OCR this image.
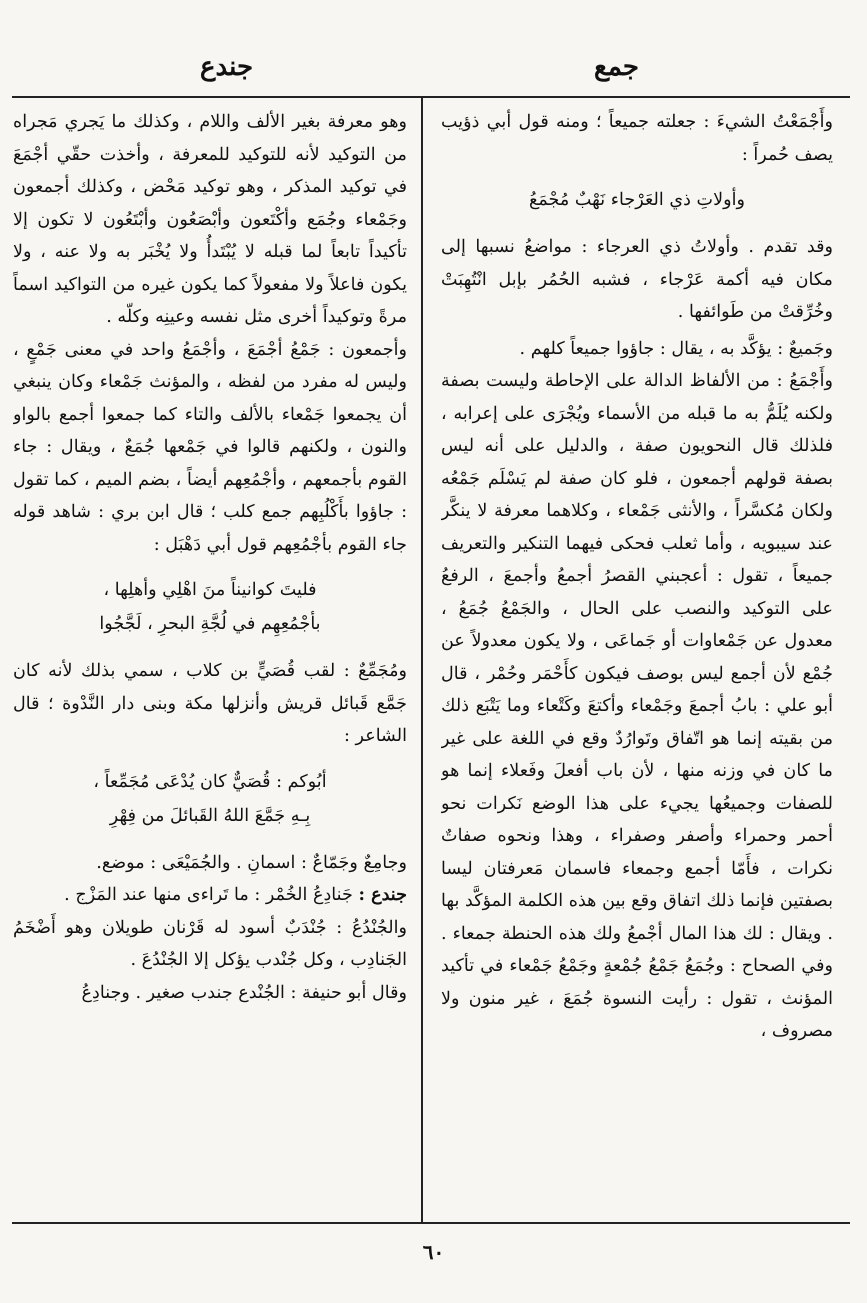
جمع
جندع

وأَجْمَعْتُ الشيءَ : جعلته جميعاً ؛ ومنه قول أبي ذؤيب يصف حُمراً :

وأولاتِ ذي العَرْجاء نَهْبٌ مُجْمَعُ

وقد تقدم . وأولاتُ ذي العرجاء : مواضعُ نسبها إلى مكان فيه أكمة عَرْجاء ، فشبه الحُمُر بإبل انْتُهِبَتْ وخُرِّقتْ من طَوائفها .

وجَميعٌ : يؤكَّد به ، يقال : جاؤوا جميعاً كلهم .

وأَجْمَعُ : من الألفاظ الدالة على الإحاطة وليست بصفة ولكنه يُلَمُّ به ما قبله من الأسماء ويُجْرَى على إعرابه ، فلذلك قال النحويون صفة ، والدليل على أنه ليس بصفة قولهم أجمعون ، فلو كان صفة لم يَسْلَم جَمْعُه ولكان مُكسَّراً ، والأنثى جَمْعاء ، وكلاهما معرفة لا ينكَّر عند سيبويه ، وأما ثعلب فحكى فيهما التنكير والتعريف جميعاً ، تقول : أعجبني القصرُ أجمعُ وأجمعَ ، الرفعُ على التوكيد والنصب على الحال ، والجَمْعُ جُمَعُ ، معدول عن جَمْعاوات أو جَماعَى ، ولا يكون معدولاً عن جُمْع لأن أجمع ليس بوصف فيكون كأَحْمَر وحُمْر ، قال أبو علي : بابُ أجمعَ وجَمْعاء وأكتعَ وكَتْعاء وما يَتْبَع ذلك من بقيته إنما هو اتّفاق وتَوارُدٌ وقع في اللغة على غير ما كان في وزنه منها ، لأن باب أفعلَ وفَعلاء إنما هو للصفات وجميعُها يجيء على هذا الوضع نَكرات نحو أحمر وحمراء وأصفر وصفراء ، وهذا ونحوه صفاتٌ نكرات ، فأَمّا أجمع وجمعاء فاسمان مَعرفتان ليسا بصفتين فإنما ذلك اتفاق وقع بين هذه الكلمة المؤكَّد بها . ويقال : لك هذا المال أجْمعُ ولك هذه الحنطة جمعاء . وفي الصحاح : وجُمَعُ جَمْعُ جُمْعةٍ وجَمْعُ جَمْعاء في تأكيد المؤنث ، تقول : رأيت النسوة جُمَعَ ، غير منون ولا مصروف ،

وهو معرفة بغير الألف واللام ، وكذلك ما يَجري مَجراه من التوكيد لأنه للتوكيد للمعرفة ، وأخذت حقّي أجْمَعَ في توكيد المذكر ، وهو توكيد مَحْض ، وكذلك أجمعون وجَمْعاء وجُمَع وأكْتَعون وأبْصَعُون وأبْتَعُون لا تكون إلا تأكيداً تابعاً لما قبله لا يُبْتَدأُ ولا يُخْبَر به ولا عنه ، ولا يكون فاعلاً ولا مفعولاً كما يكون غيره من التواكيد اسماً مرةً وتوكيداً أخرى مثل نفسه وعينِه وكلّه .

وأجمعون : جَمْعُ أجْمَعَ ، وأجْمَعُ واحد في معنى جَمْعٍ ، وليس له مفرد من لفظه ، والمؤنث جَمْعاء وكان ينبغي أن يجمعوا جَمْعاء بالألف والتاء كما جمعوا أجمع بالواو والنون ، ولكنهم قالوا في جَمْعها جُمَعٌ ، ويقال : جاء القوم بأجمعهم ، وأجْمُعِهم أيضاً ، بضم الميم ، كما تقول : جاؤوا بأَكْلُبِهم جمع كلب ؛ قال ابن بري : شاهد قوله جاء القوم بأجْمُعِهم قول أبي دَهْبَل :

فليتَ كوانيناً منَ اهْلِي وأهلِها ،
بأجْمُعِهِم في لُجَّةِ البحرِ ، لَجَّجُوا

ومُجَمِّعٌ : لقب قُصَيٍّ بن كلاب ، سمي بذلك لأنه كان جَمَّع قَبائل قريش وأنزلها مكة وبنى دار النَّدْوة ؛ قال الشاعر :

أبُوكم : قُصَيٌّ كان يُدْعَى مُجَمِّعاً ،
بِـهِ جَمَّعَ اللهُ القَبائلَ من فِهْرِ

وجامِعٌ وجَمّاعٌ : اسمانِ . والجُمَيْعَى : موضع.

جندع : جَنادِعُ الخُمْر : ما تَراءى منها عند المَزْج .

والجُنْدُعُ : جُنْدَبٌ أسود له قَرْنان طويلان وهو أَضْخَمُ الجَنادِب ، وكل جُنْدب يؤكل إلا الجُنْدُعَ .

وقال أبو حنيفة : الجُنْدع جندب صغير . وجنادِعُ

٦٠
